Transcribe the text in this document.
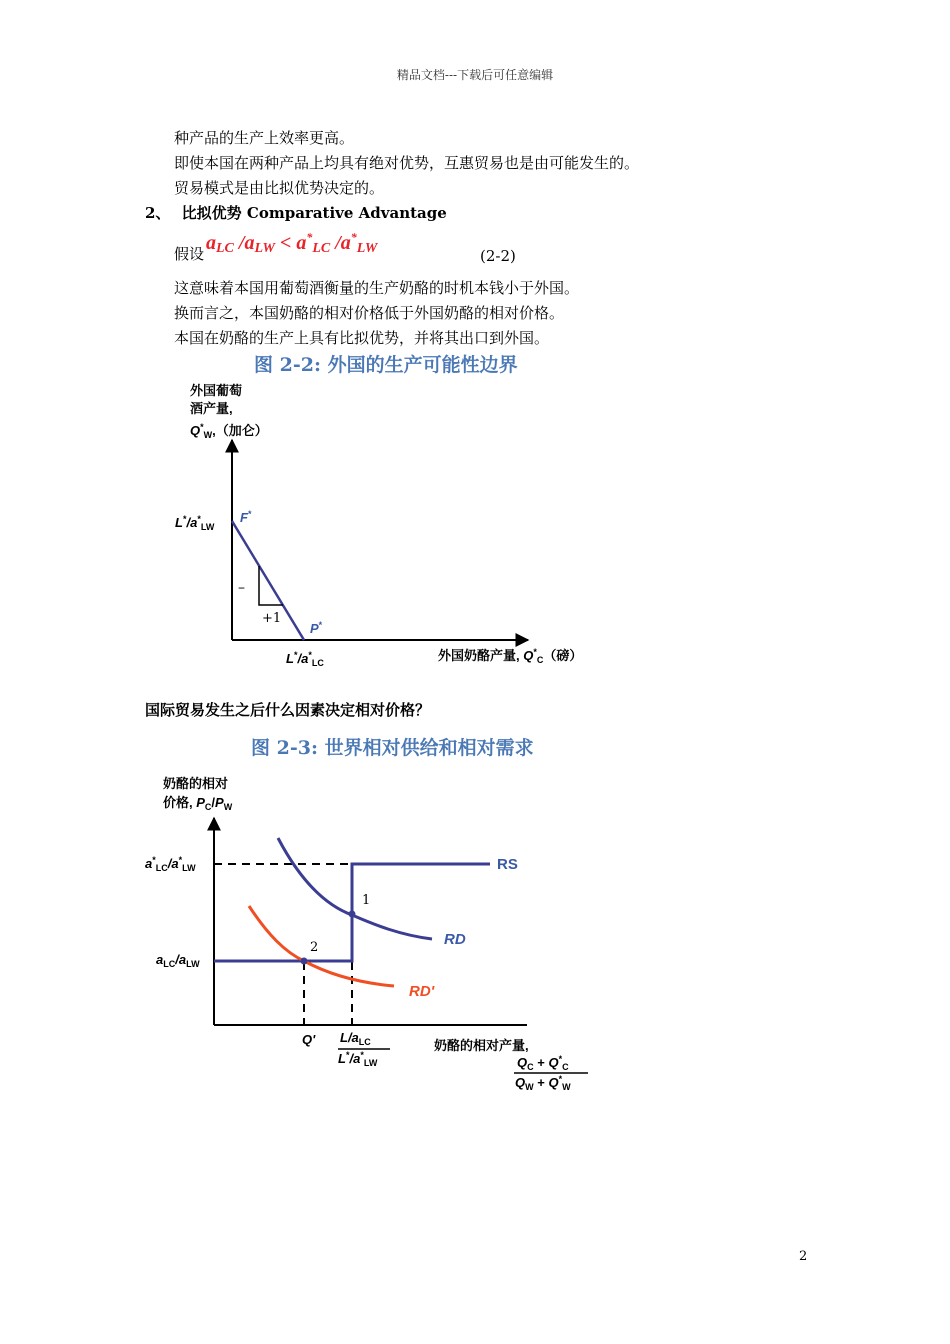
精品文档---下载后可任意编辑
种产品的生产上效率更高。
即使本国在两种产品上均具有绝对优势，互惠贸易也是由可能发生的。
贸易模式是由比拟优势决定的。
2、 比拟优势 Comparative Advantage
假设 $a_{LC}$ $/a_{LW} < a^*_{LC}$ $/a^*_{LW}$	(2-2)
这意味着本国用葡萄酒衡量的生产奶酪的时机本钱小于外国。
换而言之，本国奶酪的相对价格低于外国奶酪的相对价格。
本国在奶酪的生产上具有比拟优势，并将其出口到外国。
图 2-2: 外国的生产可能性边界
外国葡萄
酒产量,
$Q^*_W$,（加仑）
$L^*/a^*_{LW}$
F*
–
+1
P*
$L^*/a^*_{LC}$	外国奶酪产量, $Q^*_C$（磅）
国际贸易发生之后什么因素决定相对价格？
图 2-3: 世界相对供给和相对需求
奶酪的相对
价格, $P_C/P_W$
$a^*_{LC}/a^*_{LW}$
$a_{LC}/a_{LW}$
RS
RD
RD'
1
2
Q' $L/a_{LC}$
$L^*/a^*_{LW}$
奶酪的相对产量,
$Q_C + Q^*_C$
$Q_W + Q^*_W$
2
